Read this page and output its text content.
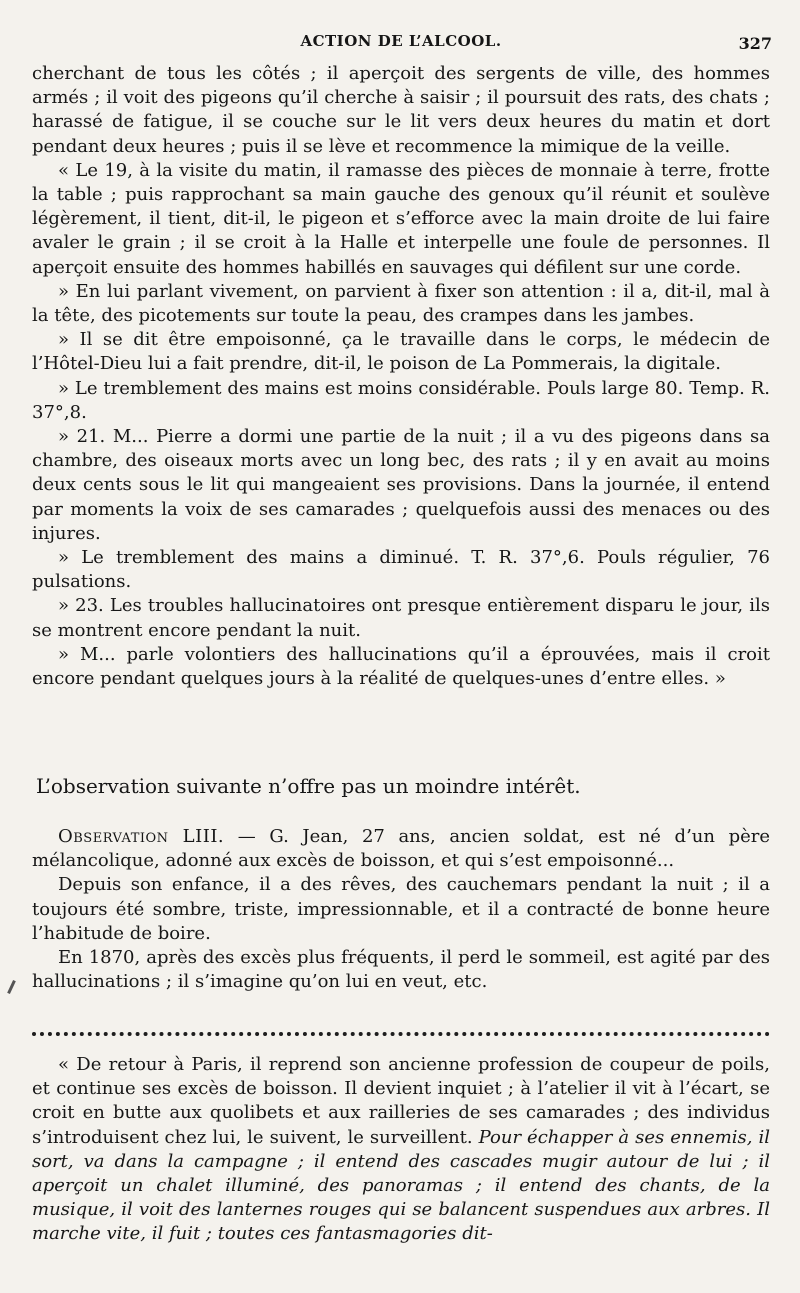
ACTION DE L’ALCOOL.	327

cherchant de tous les côtés ; il aperçoit des sergents de ville, des hommes armés ; il voit des pigeons qu’il cherche à saisir ; il poursuit des rats, des chats ; harassé de fatigue, il se couche sur le lit vers deux heures du matin et dort pendant deux heures ; puis il se lève et recommence la mimique de la veille.

« Le 19, à la visite du matin, il ramasse des pièces de monnaie à terre, frotte la table ; puis rapprochant sa main gauche des genoux qu’il réunit et soulève légèrement, il tient, dit-il, le pigeon et s’efforce avec la main droite de lui faire avaler le grain ; il se croit à la Halle et interpelle une foule de personnes. Il aperçoit ensuite des hommes habillés en sauvages qui défilent sur une corde.

» En lui parlant vivement, on parvient à fixer son attention : il a, dit-il, mal à la tête, des picotements sur toute la peau, des crampes dans les jambes.

» Il se dit être empoisonné, ça le travaille dans le corps, le médecin de l’Hôtel-Dieu lui a fait prendre, dit-il, le poison de La Pommerais, la digitale.

» Le tremblement des mains est moins considérable. Pouls large 80. Temp. R. 37°,8.

» 21. M... Pierre a dormi une partie de la nuit ; il a vu des pigeons dans sa chambre, des oiseaux morts avec un long bec, des rats ; il y en avait au moins deux cents sous le lit qui mangeaient ses provisions. Dans la journée, il entend par moments la voix de ses camarades ; quelquefois aussi des menaces ou des injures.

» Le tremblement des mains a diminué. T. R. 37°,6. Pouls régulier, 76 pulsations.

» 23. Les troubles hallucinatoires ont presque entièrement disparu le jour, ils se montrent encore pendant la nuit.

» M... parle volontiers des hallucinations qu’il a éprouvées, mais il croit encore pendant quelques jours à la réalité de quelques-unes d’entre elles. »

L’observation suivante n’offre pas un moindre intérêt.

Observation LIII. — G. Jean, 27 ans, ancien soldat, est né d’un père mélancolique, adonné aux excès de boisson, et qui s’est empoisonné...

Depuis son enfance, il a des rêves, des cauchemars pendant la nuit ; il a toujours été sombre, triste, impressionnable, et il a contracté de bonne heure l’habitude de boire.

En 1870, après des excès plus fréquents, il perd le sommeil, est agité par des hallucinations ; il s’imagine qu’on lui en veut, etc.

« De retour à Paris, il reprend son ancienne profession de coupeur de poils, et continue ses excès de boisson. Il devient inquiet ; à l’atelier il vit à l’écart, se croit en butte aux quolibets et aux railleries de ses camarades ; des individus s’introduisent chez lui, le suivent, le surveillent. Pour échapper à ses ennemis, il sort, va dans la campagne ; il entend des cascades mugir autour de lui ; il aperçoit un chalet illuminé, des panoramas ; il entend des chants, de la musique, il voit des lanternes rouges qui se balancent suspendues aux arbres. Il marche vite, il fuit ; toutes ces fantasmagories dit-
